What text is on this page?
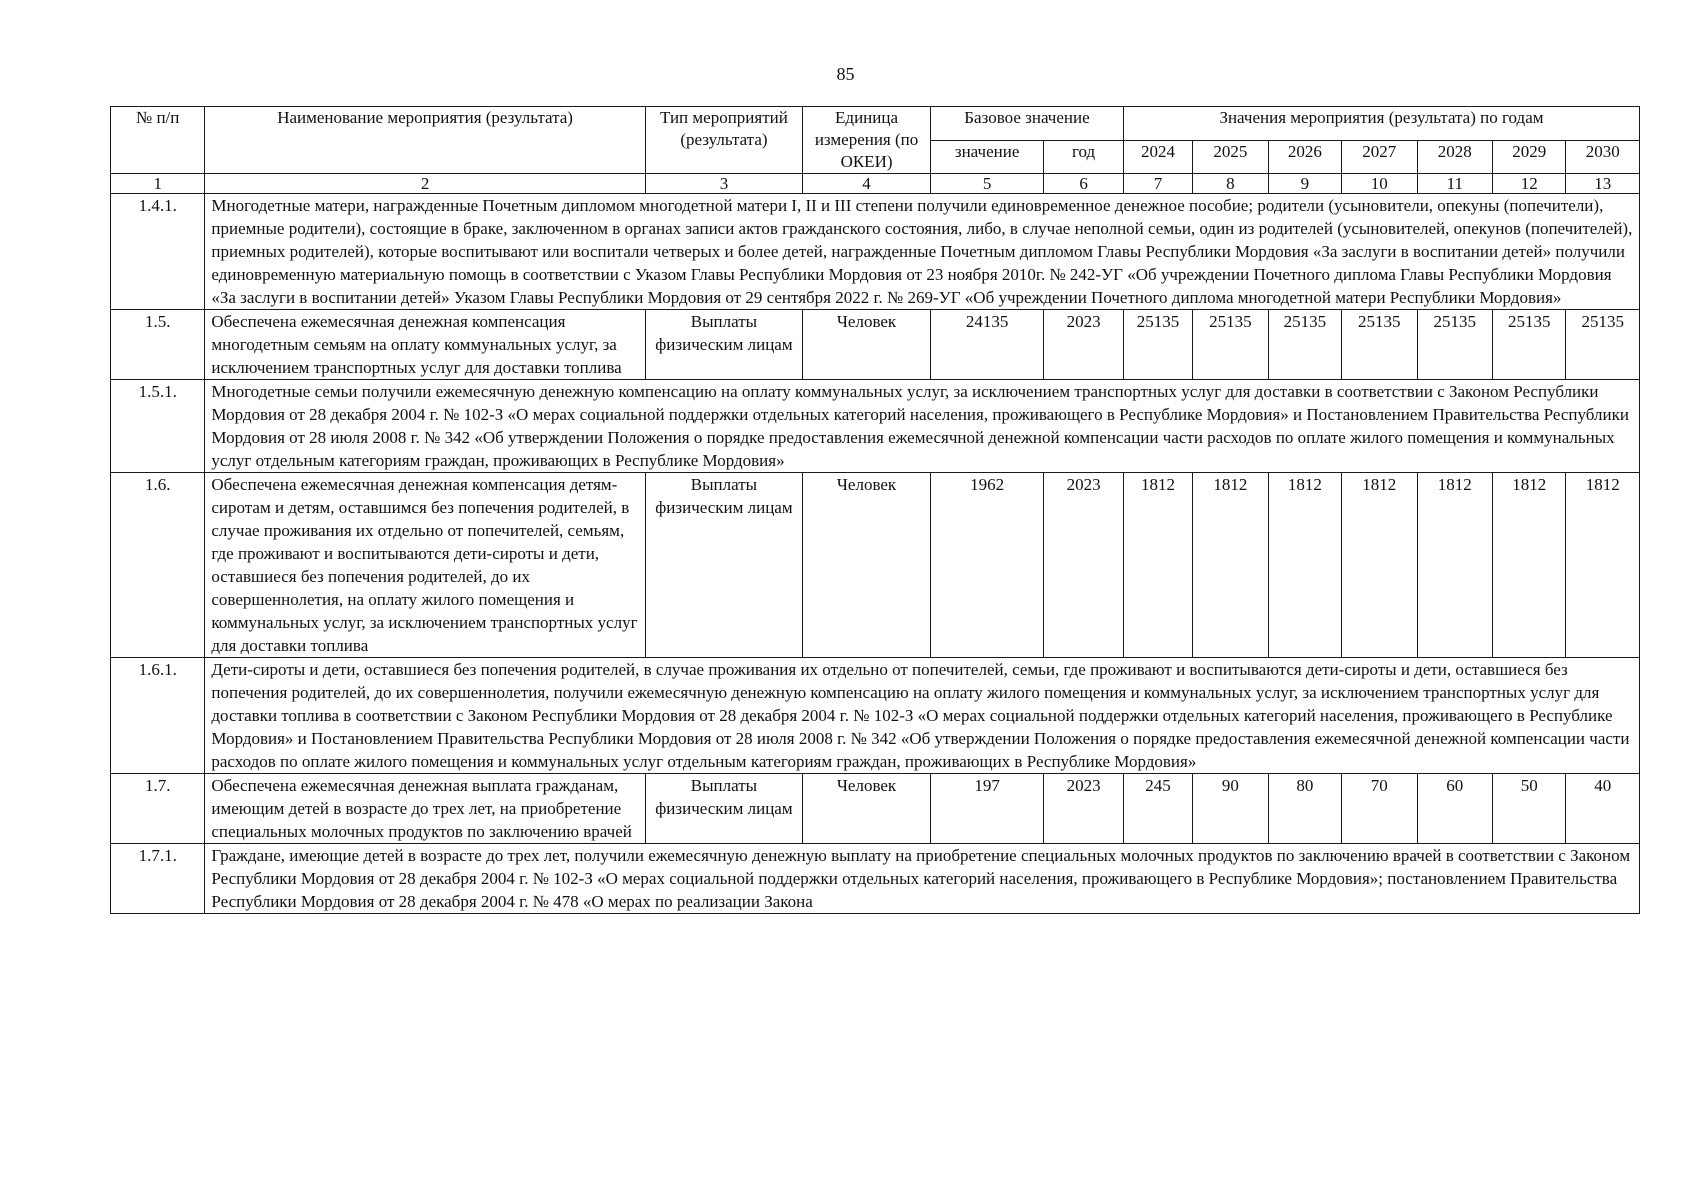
85
№ п/п	Наименование мероприятия (результата)	Тип мероприятий (результата)	Единица измерения (по ОКЕИ)	Базовое значение		Значения мероприятия (результата) по годам						
				значение	год	2024	2025	2026	2027	2028	2029	2030
1	2	3	4	5	6	7	8	9	10	11	12	13
1.4.1.	Многодетные матери, награжденные Почетным дипломом многодетной матери I, II и III степени получили единовременное денежное пособие; родители (усыновители, опекуны (попечители), приемные родители), состоящие в браке, заключенном в органах записи актов гражданского состояния, либо, в случае неполной семьи, один из родителей (усыновителей, опекунов (попечителей), приемных родителей), которые воспитывают или воспитали четверых и более детей, награжденные Почетным дипломом Главы Республики Мордовия «За заслуги в воспитании детей» получили единовременную материальную помощь в соответствии с Указом Главы Республики Мордовия от 23 ноября 2010г. № 242-УГ «Об учреждении Почетного диплома Главы Республики Мордовия «За заслуги в воспитании детей» Указом Главы Республики Мордовия от 29 сентября 2022 г. № 269-УГ «Об учреждении Почетного диплома многодетной матери Республики Мордовия»											
1.5.	Обеспечена ежемесячная денежная компенсация многодетным семьям на оплату коммунальных услуг, за исключением транспортных услуг для доставки топлива	Выплаты физическим лицам	Человек	24135	2023	25135	25135	25135	25135	25135	25135	25135
1.5.1.	Многодетные семьи получили ежемесячную денежную компенсацию на оплату коммунальных услуг, за исключением транспортных услуг для доставки в соответствии с Законом Республики Мордовия от 28 декабря 2004 г. № 102-З «О мерах социальной поддержки отдельных категорий населения, проживающего в Республике Мордовия» и Постановлением Правительства Республики Мордовия от 28 июля 2008 г. № 342 «Об утверждении Положения о порядке предоставления ежемесячной денежной компенсации части расходов по оплате жилого помещения и коммунальных услуг отдельным категориям граждан, проживающих в Республике Мордовия»											
1.6.	Обеспечена ежемесячная денежная компенсация детям-сиротам и детям, оставшимся без попечения родителей, в случае проживания их отдельно от попечителей, семьям, где проживают и воспитываются дети-сироты и дети, оставшиеся без попечения родителей, до их совершеннолетия, на оплату жилого помещения и коммунальных услуг, за исключением транспортных услуг для доставки топлива	Выплаты физическим лицам	Человек	1962	2023	1812	1812	1812	1812	1812	1812	1812
1.6.1.	Дети-сироты и дети, оставшиеся без попечения родителей, в случае проживания их отдельно от попечителей, семьи, где проживают и воспитываются дети-сироты и дети, оставшиеся без попечения родителей, до их совершеннолетия, получили ежемесячную денежную компенсацию на оплату жилого помещения и коммунальных услуг, за исключением транспортных услуг для доставки топлива в соответствии с Законом Республики Мордовия от 28 декабря 2004 г. № 102-З «О мерах социальной поддержки отдельных категорий населения, проживающего в Республике Мордовия» и Постановлением Правительства Республики Мордовия от 28 июля 2008 г. № 342 «Об утверждении Положения о порядке предоставления ежемесячной денежной компенсации части расходов по оплате жилого помещения и коммунальных услуг отдельным категориям граждан, проживающих в Республике Мордовия»											
1.7.	Обеспечена ежемесячная денежная выплата гражданам, имеющим детей в возрасте до трех лет, на приобретение специальных молочных продуктов по заключению врачей	Выплаты физическим лицам	Человек	197	2023	245	90	80	70	60	50	40
1.7.1.	Граждане, имеющие детей в возрасте до трех лет, получили ежемесячную денежную выплату на приобретение специальных молочных продуктов по заключению врачей в соответствии с Законом Республики Мордовия от 28 декабря 2004 г. № 102-З «О мерах социальной поддержки отдельных категорий населения, проживающего в Республике Мордовия»; постановлением Правительства Республики Мордовия от 28 декабря 2004 г. № 478 «О мерах по реализации Закона											
